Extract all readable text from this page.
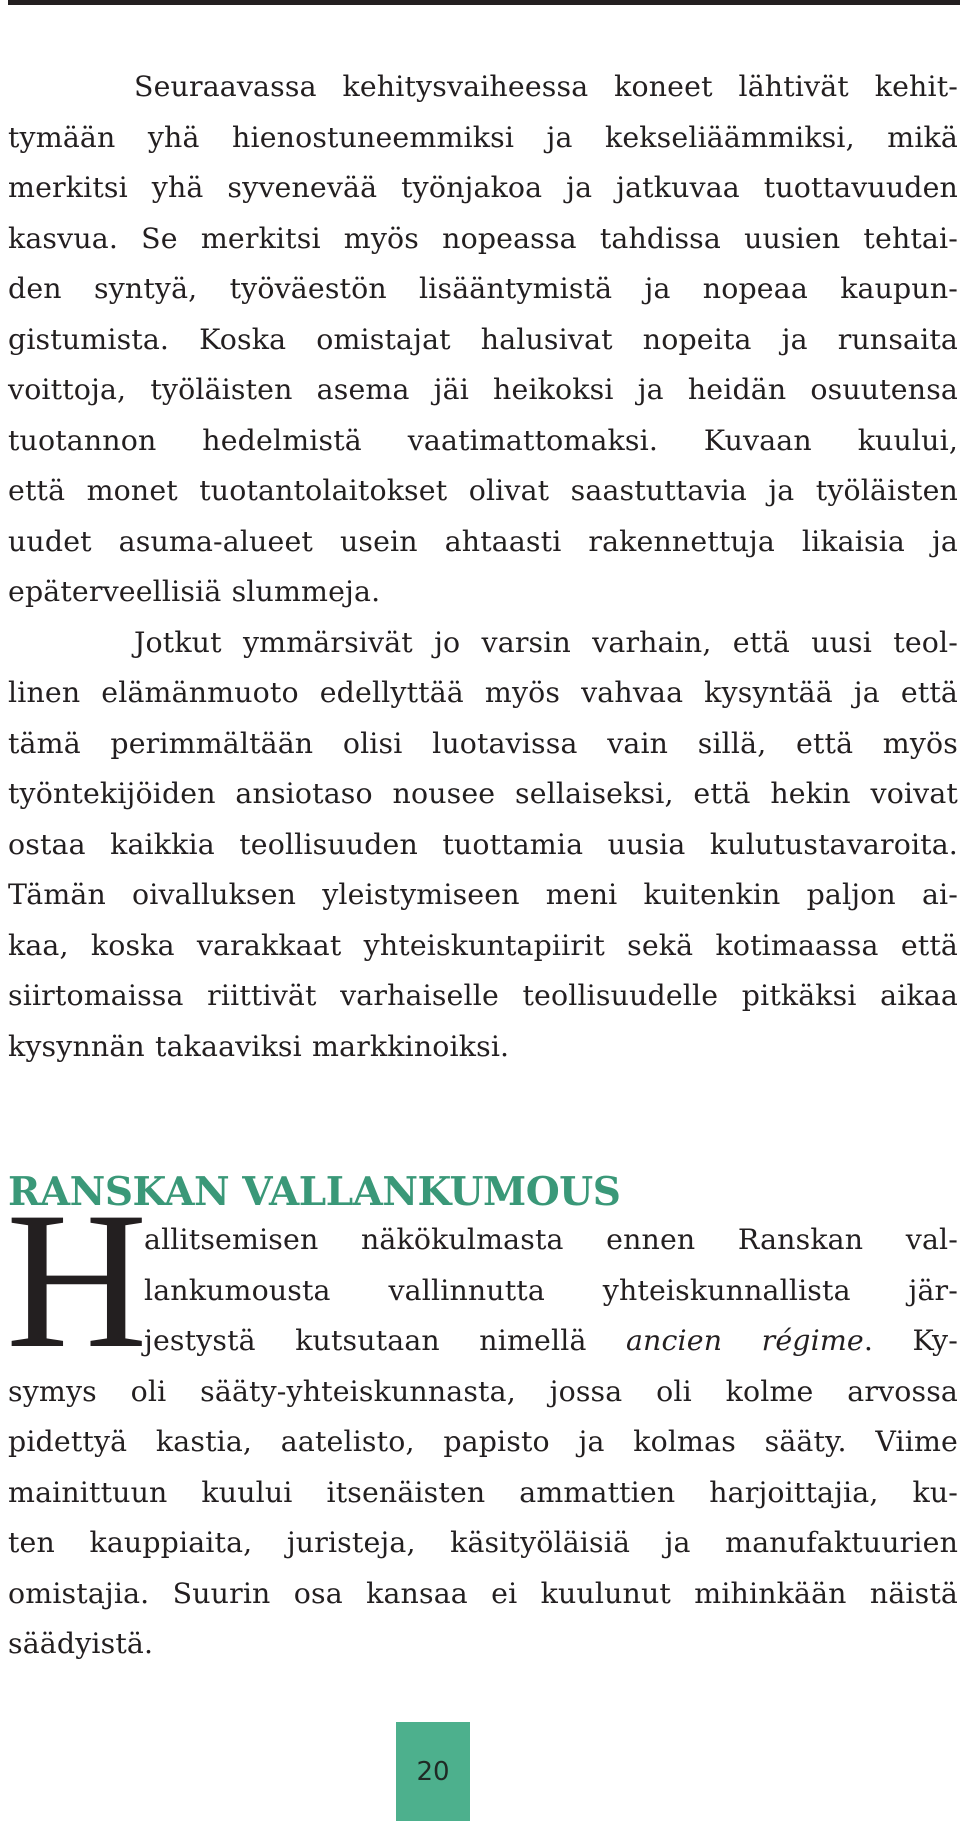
Seuraavassa kehitysvaiheessa koneet lähtivät kehit-
tymään yhä hienostuneemmiksi ja kekseliäämmiksi, mikä
merkitsi yhä syvenevää työnjakoa ja jatkuvaa tuottavuuden
kasvua. Se merkitsi myös nopeassa tahdissa uusien tehtai-
den syntyä, työväestön lisääntymistä ja nopeaa kaupun-
gistumista. Koska omistajat halusivat nopeita ja runsaita
voittoja, työläisten asema jäi heikoksi ja heidän osuutensa
tuotannon hedelmistä vaatimattomaksi. Kuvaan kuului,
että monet tuotantolaitokset olivat saastuttavia ja työläisten
uudet asuma-alueet usein ahtaasti rakennettuja likaisia ja
epäterveellisiä slummeja.
Jotkut ymmärsivät jo varsin varhain, että uusi teol-
linen elämänmuoto edellyttää myös vahvaa kysyntää ja että
tämä perimmältään olisi luotavissa vain sillä, että myös
työntekijöiden ansiotaso nousee sellaiseksi, että hekin voivat
ostaa kaikkia teollisuuden tuottamia uusia kulutustavaroita.
Tämän oivalluksen yleistymiseen meni kuitenkin paljon ai-
kaa, koska varakkaat yhteiskuntapiirit sekä kotimaassa että
siirtomaissa riittivät varhaiselle teollisuudelle pitkäksi aikaa
kysynnän takaaviksi markkinoiksi.
RANSKAN VALLANKUMOUS
H
allitsemisen näkökulmasta ennen Ranskan val-
lankumousta vallinnutta yhteiskunnallista jär-
jestystä kutsutaan nimellä ancien régime. Ky-
symys oli sääty-yhteiskunnasta, jossa oli kolme arvossa
pidettyä kastia, aatelisto, papisto ja kolmas sääty. Viime
mainittuun kuului itsenäisten ammattien harjoittajia, ku-
ten kauppiaita, juristeja, käsityöläisiä ja manufaktuurien
omistajia. Suurin osa kansaa ei kuulunut mihinkään näistä
säädyistä.
20
